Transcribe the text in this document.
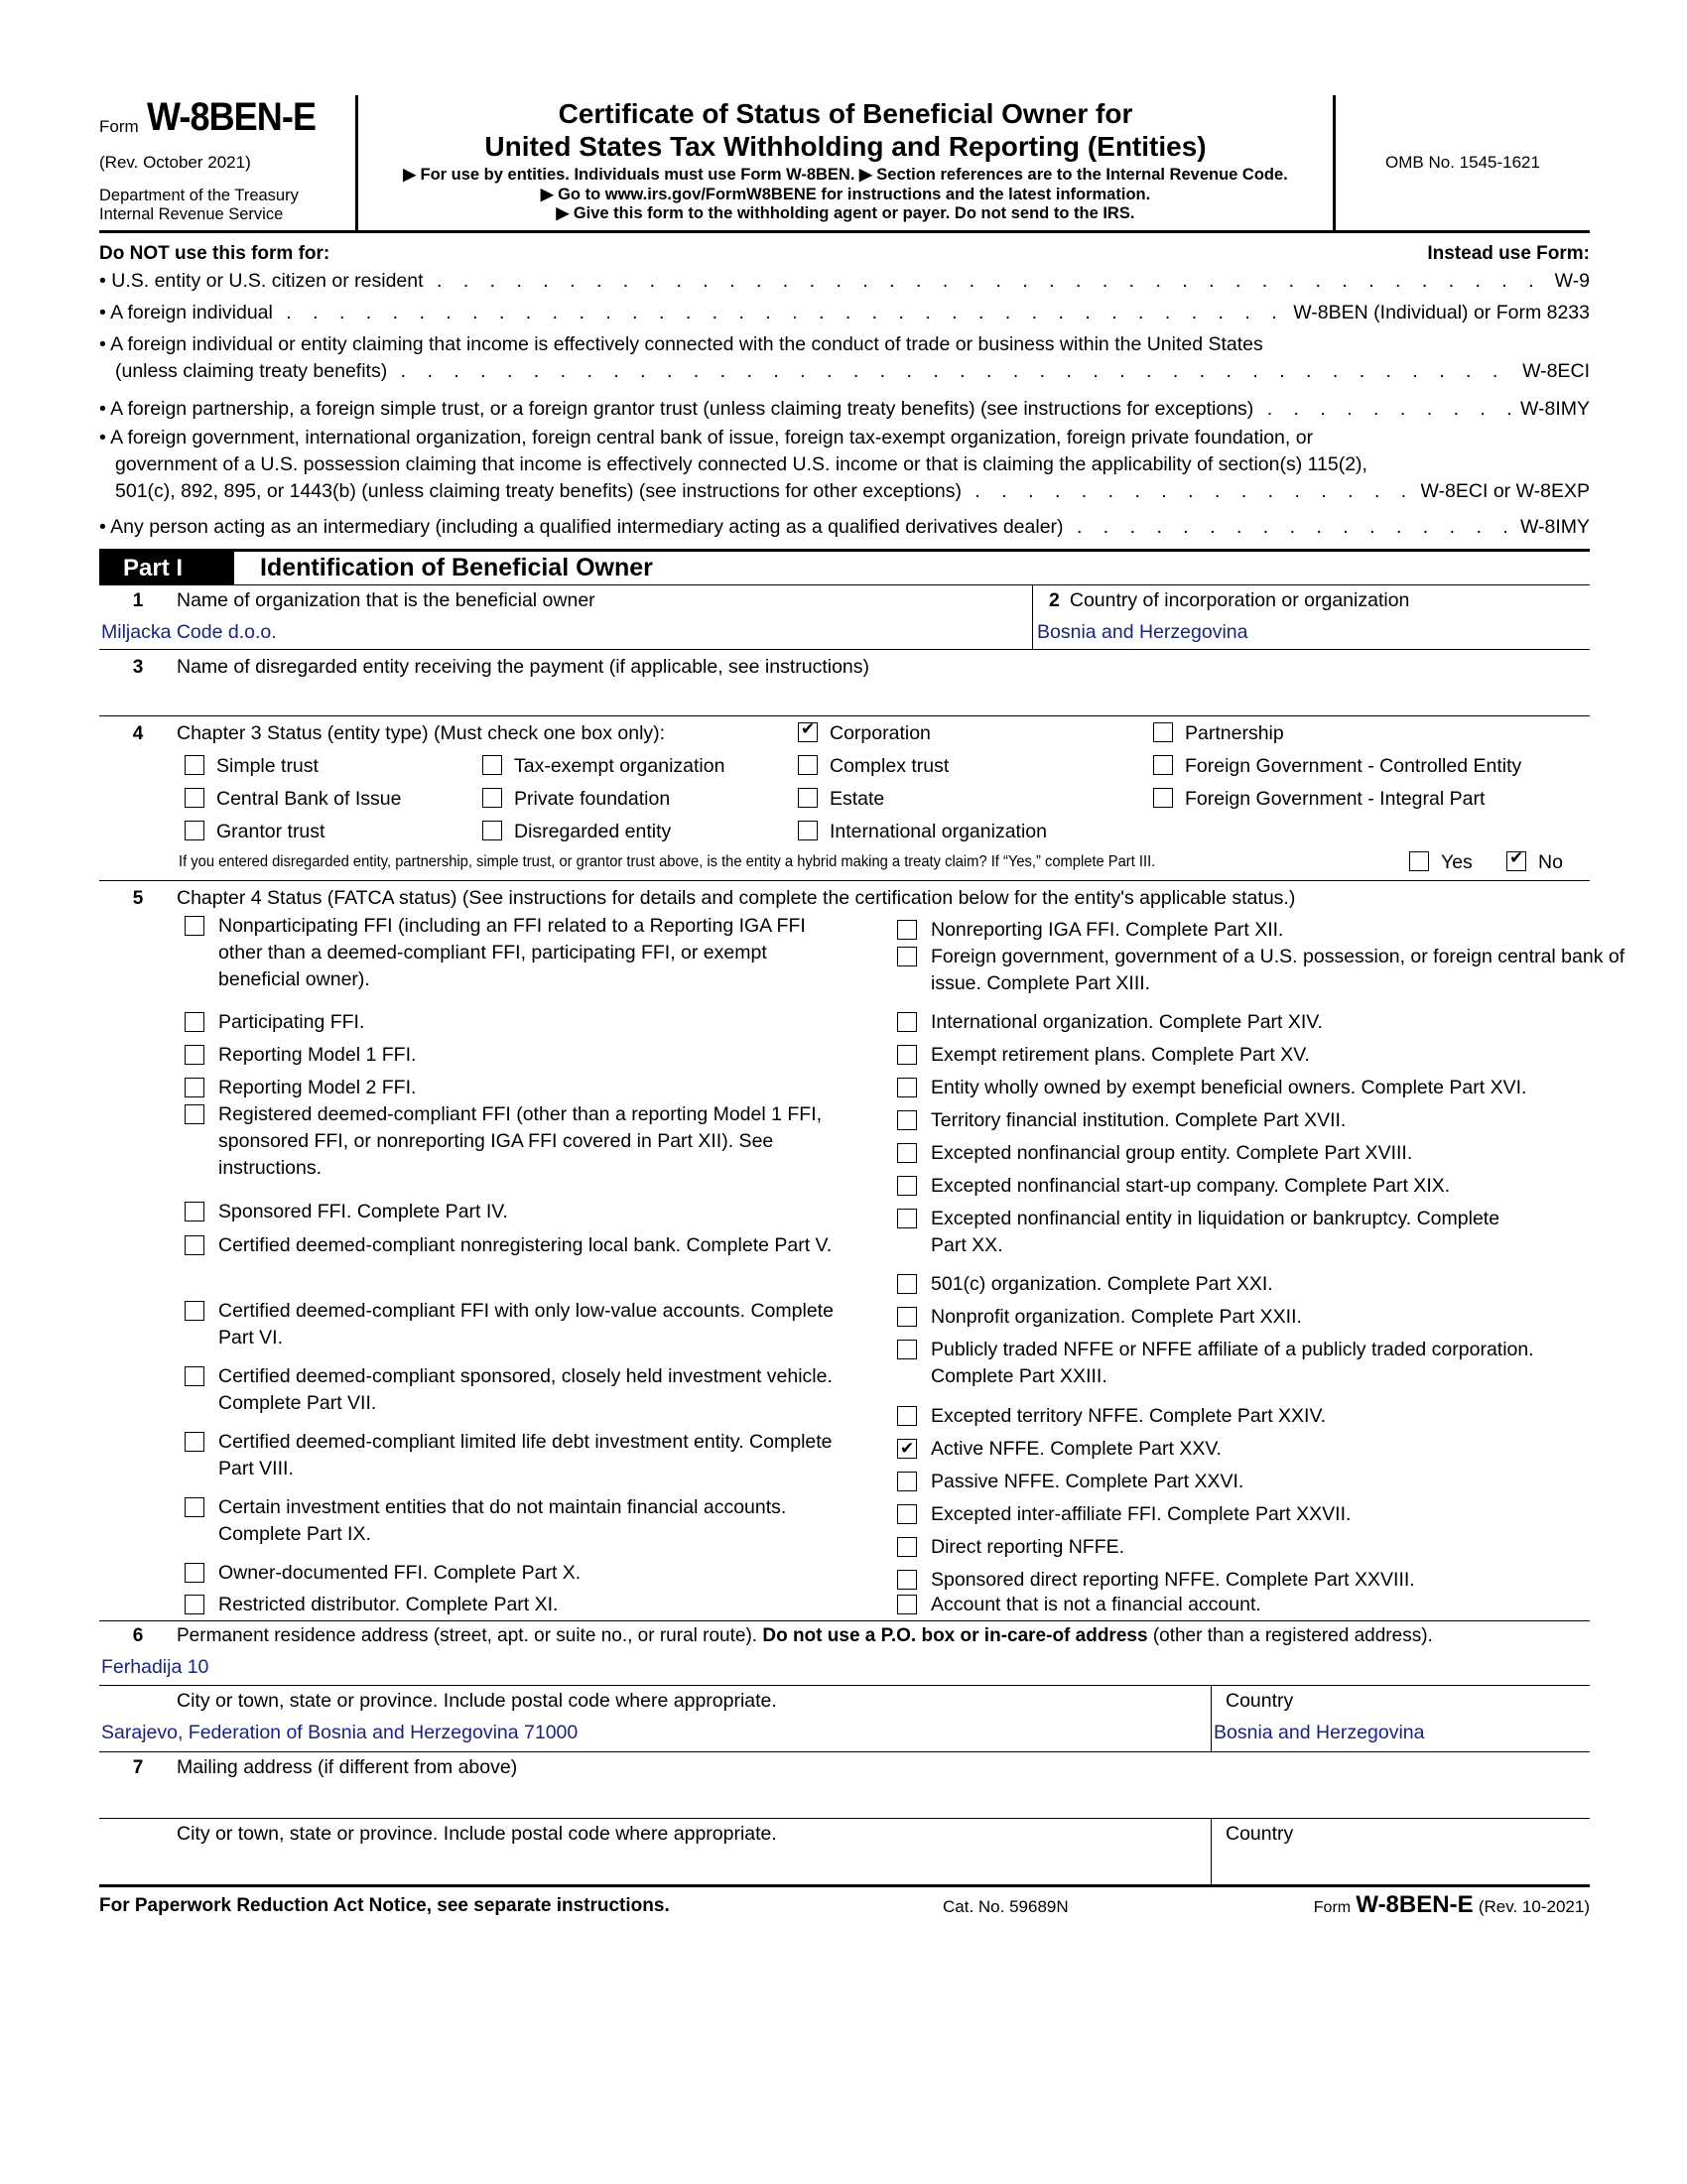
Form W-8BEN-E
(Rev. October 2021)
Department of the Treasury
Internal Revenue Service
Certificate of Status of Beneficial Owner for
United States Tax Withholding and Reporting (Entities)
▶ For use by entities. Individuals must use Form W-8BEN. ▶ Section references are to the Internal Revenue Code.
▶ Go to www.irs.gov/FormW8BENE for instructions and the latest information.
▶ Give this form to the withholding agent or payer. Do not send to the IRS.
OMB No. 1545-1621
Do NOT use this form for:	Instead use Form:
• U.S. entity or U.S. citizen or resident . . .	W-9
• A foreign individual . . .	W-8BEN (Individual) or Form 8233
• A foreign individual or entity claiming that income is effectively connected with the conduct of trade or business within the United States
(unless claiming treaty benefits) . . .	W-8ECI
• A foreign partnership, a foreign simple trust, or a foreign grantor trust (unless claiming treaty benefits) (see instructions for exceptions) . . .	W-8IMY
• A foreign government, international organization, foreign central bank of issue, foreign tax-exempt organization, foreign private foundation, or
government of a U.S. possession claiming that income is effectively connected U.S. income or that is claiming the applicability of section(s) 115(2),
501(c), 892, 895, or 1443(b) (unless claiming treaty benefits) (see instructions for other exceptions) . . .	W-8ECI or W-8EXP
• Any person acting as an intermediary (including a qualified intermediary acting as a qualified derivatives dealer) . . .	W-8IMY
Part I	Identification of Beneficial Owner
1 Name of organization that is the beneficial owner
Miljacka Code d.o.o.
2 Country of incorporation or organization
Bosnia and Herzegovina
3 Name of disregarded entity receiving the payment (if applicable, see instructions)
4 Chapter 3 Status (entity type) (Must check one box only): ✔	Corporation	Partnership
Simple trust	Tax-exempt organization	Complex trust	Foreign Government - Controlled Entity
Central Bank of Issue	Private foundation	Estate	Foreign Government - Integral Part
Grantor trust	Disregarded entity	International organization
If you entered disregarded entity, partnership, simple trust, or grantor trust above, is the entity a hybrid making a treaty claim? If “Yes,” complete Part III.	Yes ✔	No
5 Chapter 4 Status (FATCA status) (See instructions for details and complete the certification below for the entity's applicable status.)
Nonparticipating FFI (including an FFI related to a Reporting IGA FFI other than a deemed-compliant FFI, participating FFI, or exempt beneficial owner).
Participating FFI.
Reporting Model 1 FFI.
Reporting Model 2 FFI.
Registered deemed-compliant FFI (other than a reporting Model 1 FFI, sponsored FFI, or nonreporting IGA FFI covered in Part XII). See instructions.
Sponsored FFI. Complete Part IV.
Certified deemed-compliant nonregistering local bank. Complete Part V.
Certified deemed-compliant FFI with only low-value accounts. Complete Part VI.
Certified deemed-compliant sponsored, closely held investment vehicle. Complete Part VII.
Certified deemed-compliant limited life debt investment entity. Complete Part VIII.
Certain investment entities that do not maintain financial accounts. Complete Part IX.
Owner-documented FFI. Complete Part X.
Restricted distributor. Complete Part XI.
Nonreporting IGA FFI. Complete Part XII.
Foreign government, government of a U.S. possession, or foreign central bank of issue. Complete Part XIII.
International organization. Complete Part XIV.
Exempt retirement plans. Complete Part XV.
Entity wholly owned by exempt beneficial owners. Complete Part XVI.
Territory financial institution. Complete Part XVII.
Excepted nonfinancial group entity. Complete Part XVIII.
Excepted nonfinancial start-up company. Complete Part XIX.
Excepted nonfinancial entity in liquidation or bankruptcy. Complete Part XX.
501(c) organization. Complete Part XXI.
Nonprofit organization. Complete Part XXII.
Publicly traded NFFE or NFFE affiliate of a publicly traded corporation. Complete Part XXIII.
Excepted territory NFFE. Complete Part XXIV.
✔
Active NFFE. Complete Part XXV.
Passive NFFE. Complete Part XXVI.
Excepted inter-affiliate FFI. Complete Part XXVII.
Direct reporting NFFE.
Sponsored direct reporting NFFE. Complete Part XXVIII.
Account that is not a financial account.
6 Permanent residence address (street, apt. or suite no., or rural route). Do not use a P.O. box or in-care-of address (other than a registered address).
Ferhadija 10
City or town, state or province. Include postal code where appropriate.
Sarajevo, Federation of Bosnia and Herzegovina 71000
Country
Bosnia and Herzegovina
7 Mailing address (if different from above)
City or town, state or province. Include postal code where appropriate.	Country
For Paperwork Reduction Act Notice, see separate instructions.	Cat. No. 59689N	Form W-8BEN-E (Rev. 10-2021)
